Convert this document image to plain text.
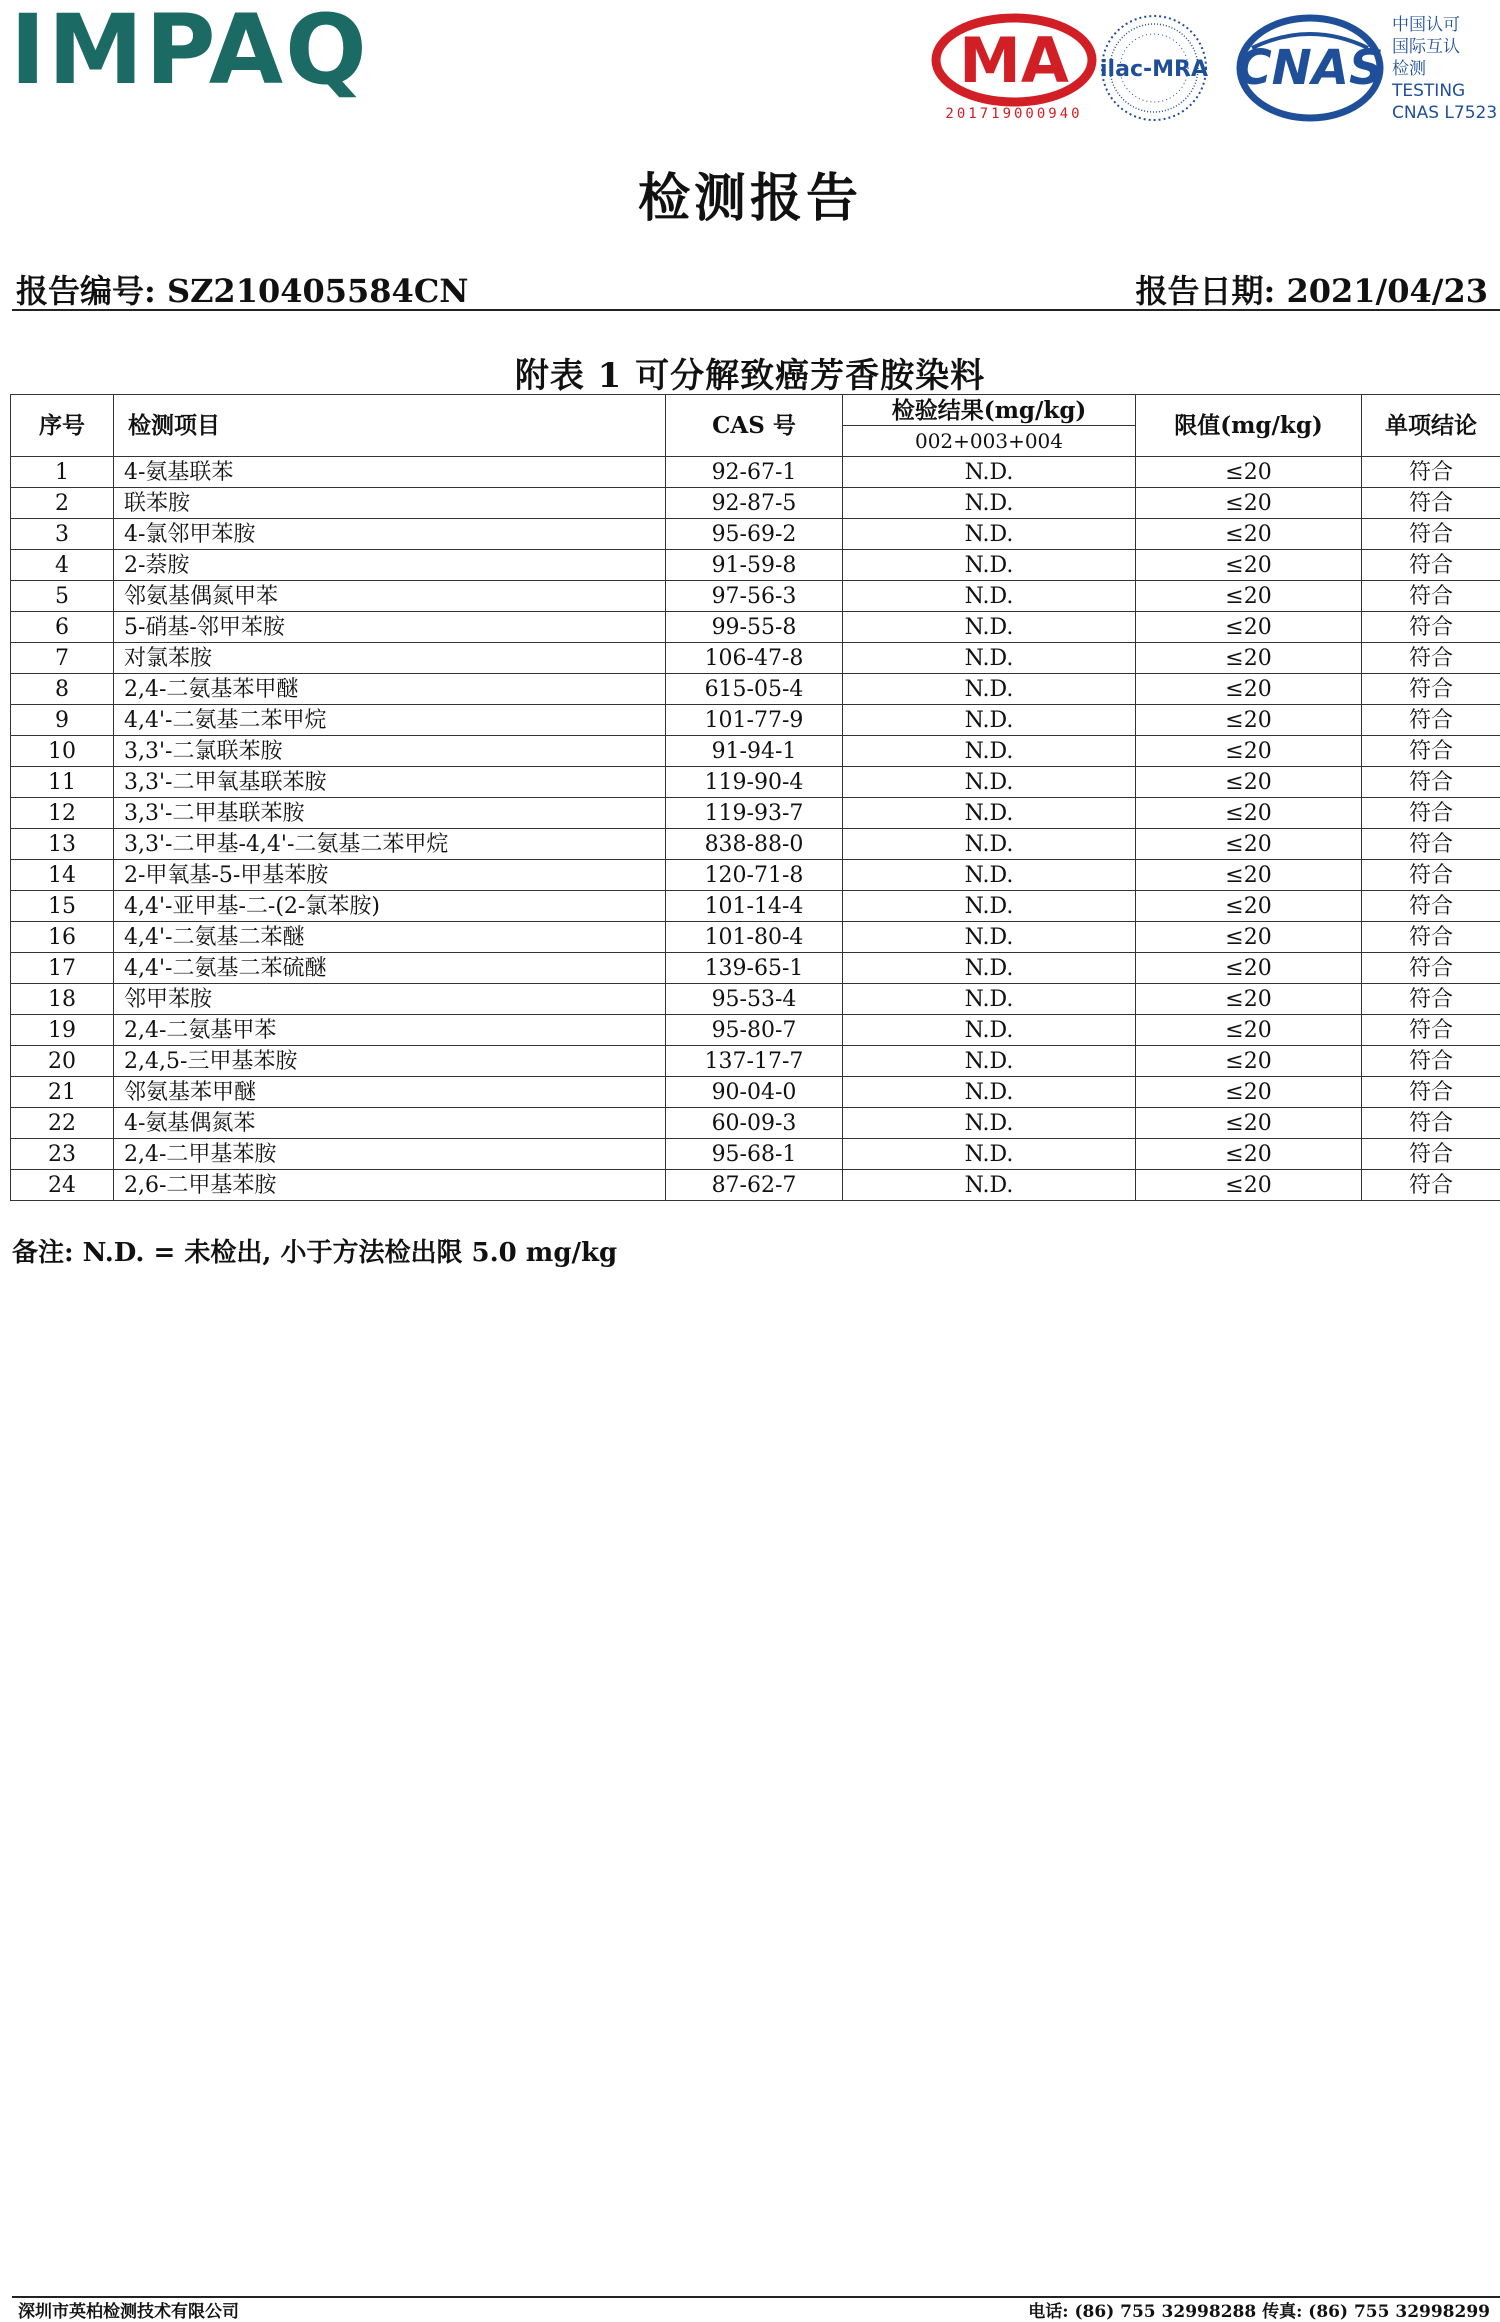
IMPAQ	MA
201719000940
ilac-MRA CNAS
中国认可
国际互认
检测
TESTING
CNAS L7523
检测报告
报告编号: SZ210405584CN	报告日期: 2021/04/23
附表 1 可分解致癌芳香胺染料
序号	检测项目	CAS 号	检验结果(mg/kg)	限值(mg/kg)	单项结论
			002+003+004		
1	4-氨基联苯	92-67-1	N.D.	≤20	符合
2	联苯胺	92-87-5	N.D.	≤20	符合
3	4-氯邻甲苯胺	95-69-2	N.D.	≤20	符合
4	2-萘胺	91-59-8	N.D.	≤20	符合
5	邻氨基偶氮甲苯	97-56-3	N.D.	≤20	符合
6	5-硝基-邻甲苯胺	99-55-8	N.D.	≤20	符合
7	对氯苯胺	106-47-8	N.D.	≤20	符合
8	2,4-二氨基苯甲醚	615-05-4	N.D.	≤20	符合
9	4,4'-二氨基二苯甲烷	101-77-9	N.D.	≤20	符合
10	3,3'-二氯联苯胺	91-94-1	N.D.	≤20	符合
11	3,3'-二甲氧基联苯胺	119-90-4	N.D.	≤20	符合
12	3,3'-二甲基联苯胺	119-93-7	N.D.	≤20	符合
13	3,3'-二甲基-4,4'-二氨基二苯甲烷	838-88-0	N.D.	≤20	符合
14	2-甲氧基-5-甲基苯胺	120-71-8	N.D.	≤20	符合
15	4,4'-亚甲基-二-(2-氯苯胺)	101-14-4	N.D.	≤20	符合
16	4,4'-二氨基二苯醚	101-80-4	N.D.	≤20	符合
17	4,4'-二氨基二苯硫醚	139-65-1	N.D.	≤20	符合
18	邻甲苯胺	95-53-4	N.D.	≤20	符合
19	2,4-二氨基甲苯	95-80-7	N.D.	≤20	符合
20	2,4,5-三甲基苯胺	137-17-7	N.D.	≤20	符合
21	邻氨基苯甲醚	90-04-0	N.D.	≤20	符合
22	4-氨基偶氮苯	60-09-3	N.D.	≤20	符合
23	2,4-二甲基苯胺	95-68-1	N.D.	≤20	符合
24	2,6-二甲基苯胺	87-62-7	N.D.	≤20	符合
备注: N.D. = 未检出, 小于方法检出限 5.0 mg/kg
深圳市英柏检测技术有限公司	电话: (86) 755 32998288 传真: (86) 755 32998299
